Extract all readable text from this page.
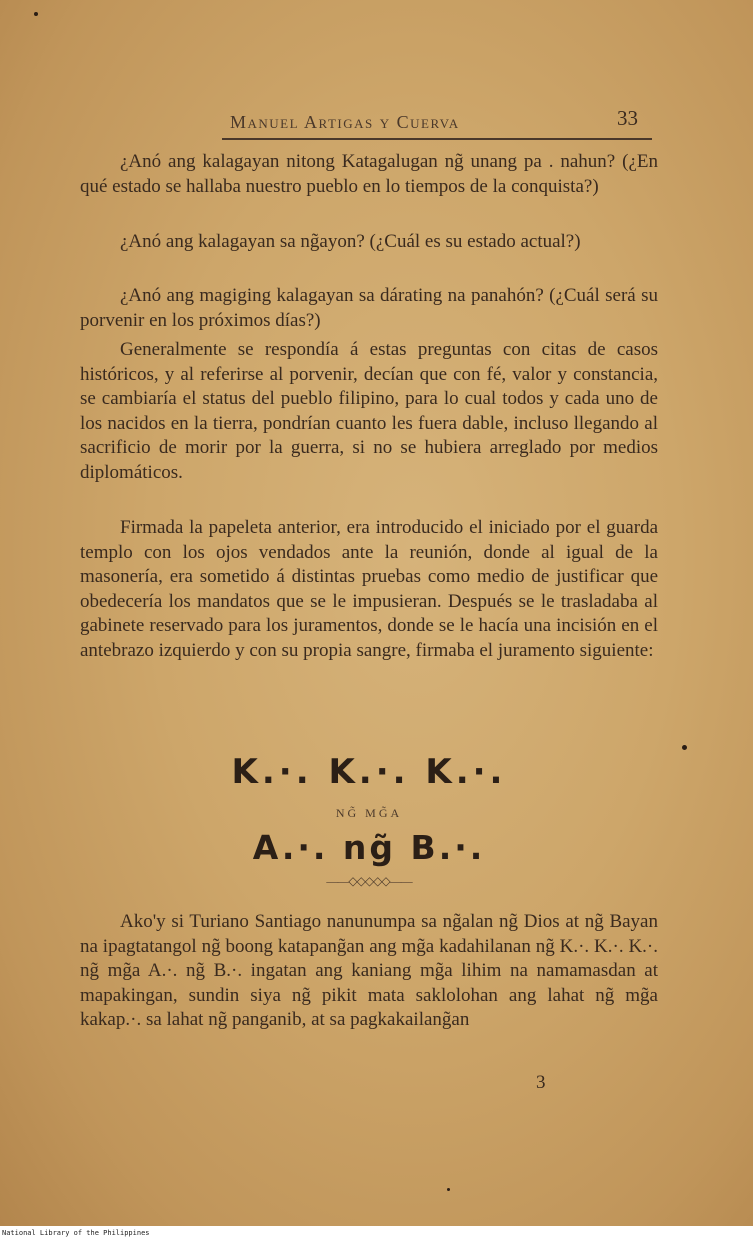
Manuel Artigas y Cuerva	33

¿Anó ang kalagayan nitong Katagalugan ng̃ unang pa . nahun? (¿En qué estado se hallaba nuestro pueblo en lo tiempos de la conquista?)

¿Anó ang kalagayan sa ng̃ayon? (¿Cuál es su estado actual?)

¿Anó ang magiging kalagayan sa dárating na panahón? (¿Cuál será su porvenir en los próximos días?)

Generalmente se respondía á estas preguntas con citas de casos históricos, y al referirse al porvenir, decían que con fé, valor y constancia, se cambiaría el status del pueblo filipino, para lo cual todos y cada uno de los nacidos en la tierra, pondrían cuanto les fuera dable, incluso llegando al sacrificio de morir por la guerra, si no se hubiera arreglado por medios diplomáticos.

Firmada la papeleta anterior, era introducido el iniciado por el guarda templo con los ojos vendados ante la reunión, donde al igual de la masonería, era sometido á distintas pruebas como medio de justificar que obedecería los mandatos que se le impusieran. Después se le trasladaba al gabinete reservado para los juramentos, donde se le hacía una incisión en el antebrazo izquierdo y con su propia sangre, firmaba el juramento siguiente:

K.·. K.·. K.·.
NG̃ MG̃A
A.·. ng̃ B.·.
——◇◇◇◇◇——

Ako'y si Turiano Santiago nanunumpa sa ng̃alan ng̃ Dios at ng̃ Bayan na ipagtatangol ng̃ boong katapang̃an ang mg̃a kadahilanan ng̃ K.·. K.·. K.·. ng̃ mg̃a A.·. ng̃ B.·. ingatan ang kaniang mg̃a lihim na namamasdan at mapakingan, sundin siya ng̃ pikit mata saklolohan ang lahat ng̃ mg̃a kakap.·. sa lahat ng̃ panganib, at sa pagkakailang̃an

3
National Library of the Philippines
